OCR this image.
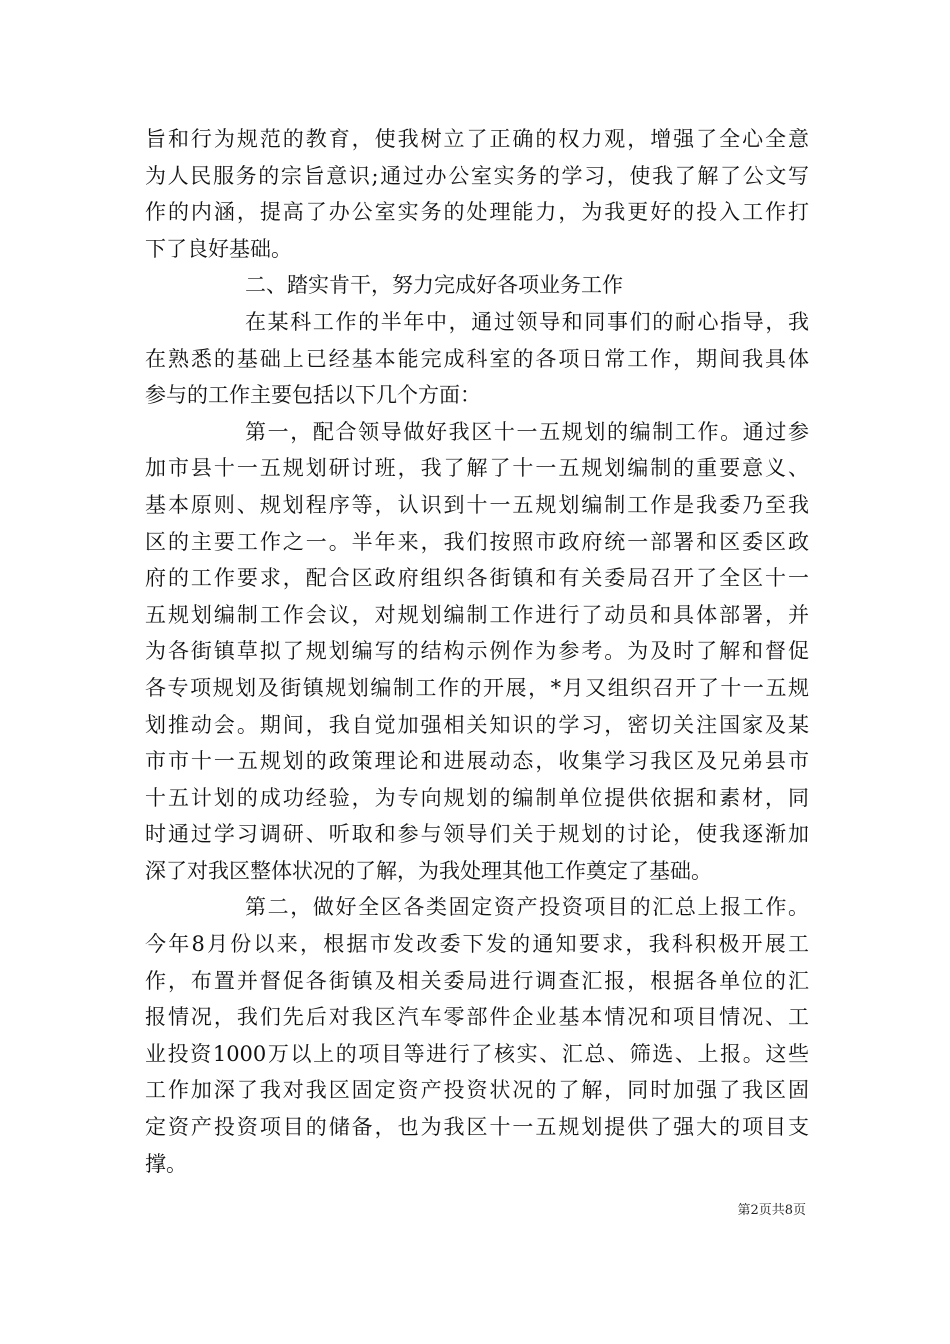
旨和行为规范的教育，使我树立了正确的权力观，增强了全心全意
为人民服务的宗旨意识;通过办公室实务的学习，使我了解了公文写
作的内涵，提高了办公室实务的处理能力，为我更好的投入工作打
下了良好基础。
二、踏实肯干，努力完成好各项业务工作
在某科工作的半年中，通过领导和同事们的耐心指导，我
在熟悉的基础上已经基本能完成科室的各项日常工作，期间我具体
参与的工作主要包括以下几个方面：
第一，配合领导做好我区十一五规划的编制工作。通过参
加市县十一五规划研讨班，我了解了十一五规划编制的重要意义、
基本原则、规划程序等，认识到十一五规划编制工作是我委乃至我
区的主要工作之一。半年来，我们按照市政府统一部署和区委区政
府的工作要求，配合区政府组织各街镇和有关委局召开了全区十一
五规划编制工作会议，对规划编制工作进行了动员和具体部署，并
为各街镇草拟了规划编写的结构示例作为参考。为及时了解和督促
各专项规划及街镇规划编制工作的开展，*月又组织召开了十一五规
划推动会。期间，我自觉加强相关知识的学习，密切关注国家及某
市市十一五规划的政策理论和进展动态，收集学习我区及兄弟县市
十五计划的成功经验，为专向规划的编制单位提供依据和素材，同
时通过学习调研、听取和参与领导们关于规划的讨论，使我逐渐加
深了对我区整体状况的了解，为我处理其他工作奠定了基础。
第二，做好全区各类固定资产投资项目的汇总上报工作。
今年8月份以来，根据市发改委下发的通知要求，我科积极开展工
作，布置并督促各街镇及相关委局进行调查汇报，根据各单位的汇
报情况，我们先后对我区汽车零部件企业基本情况和项目情况、工
业投资1000万以上的项目等进行了核实、汇总、筛选、上报。这些
工作加深了我对我区固定资产投资状况的了解，同时加强了我区固
定资产投资项目的储备，也为我区十一五规划提供了强大的项目支
撑。
第2页共8页
